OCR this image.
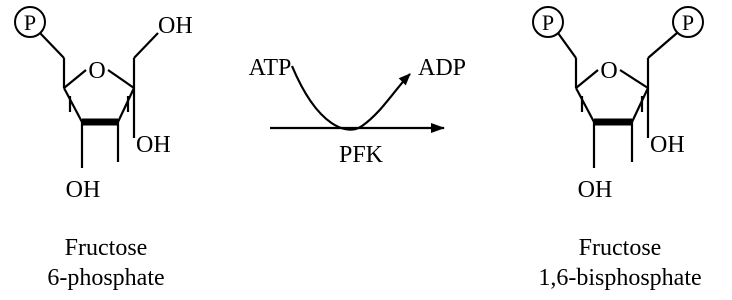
P
O
OH
OH
OH
Fructose
6-phosphate
ATP	ADP
PFK
P	P
O
OH
OH
Fructose
1,6-bisphosphate
